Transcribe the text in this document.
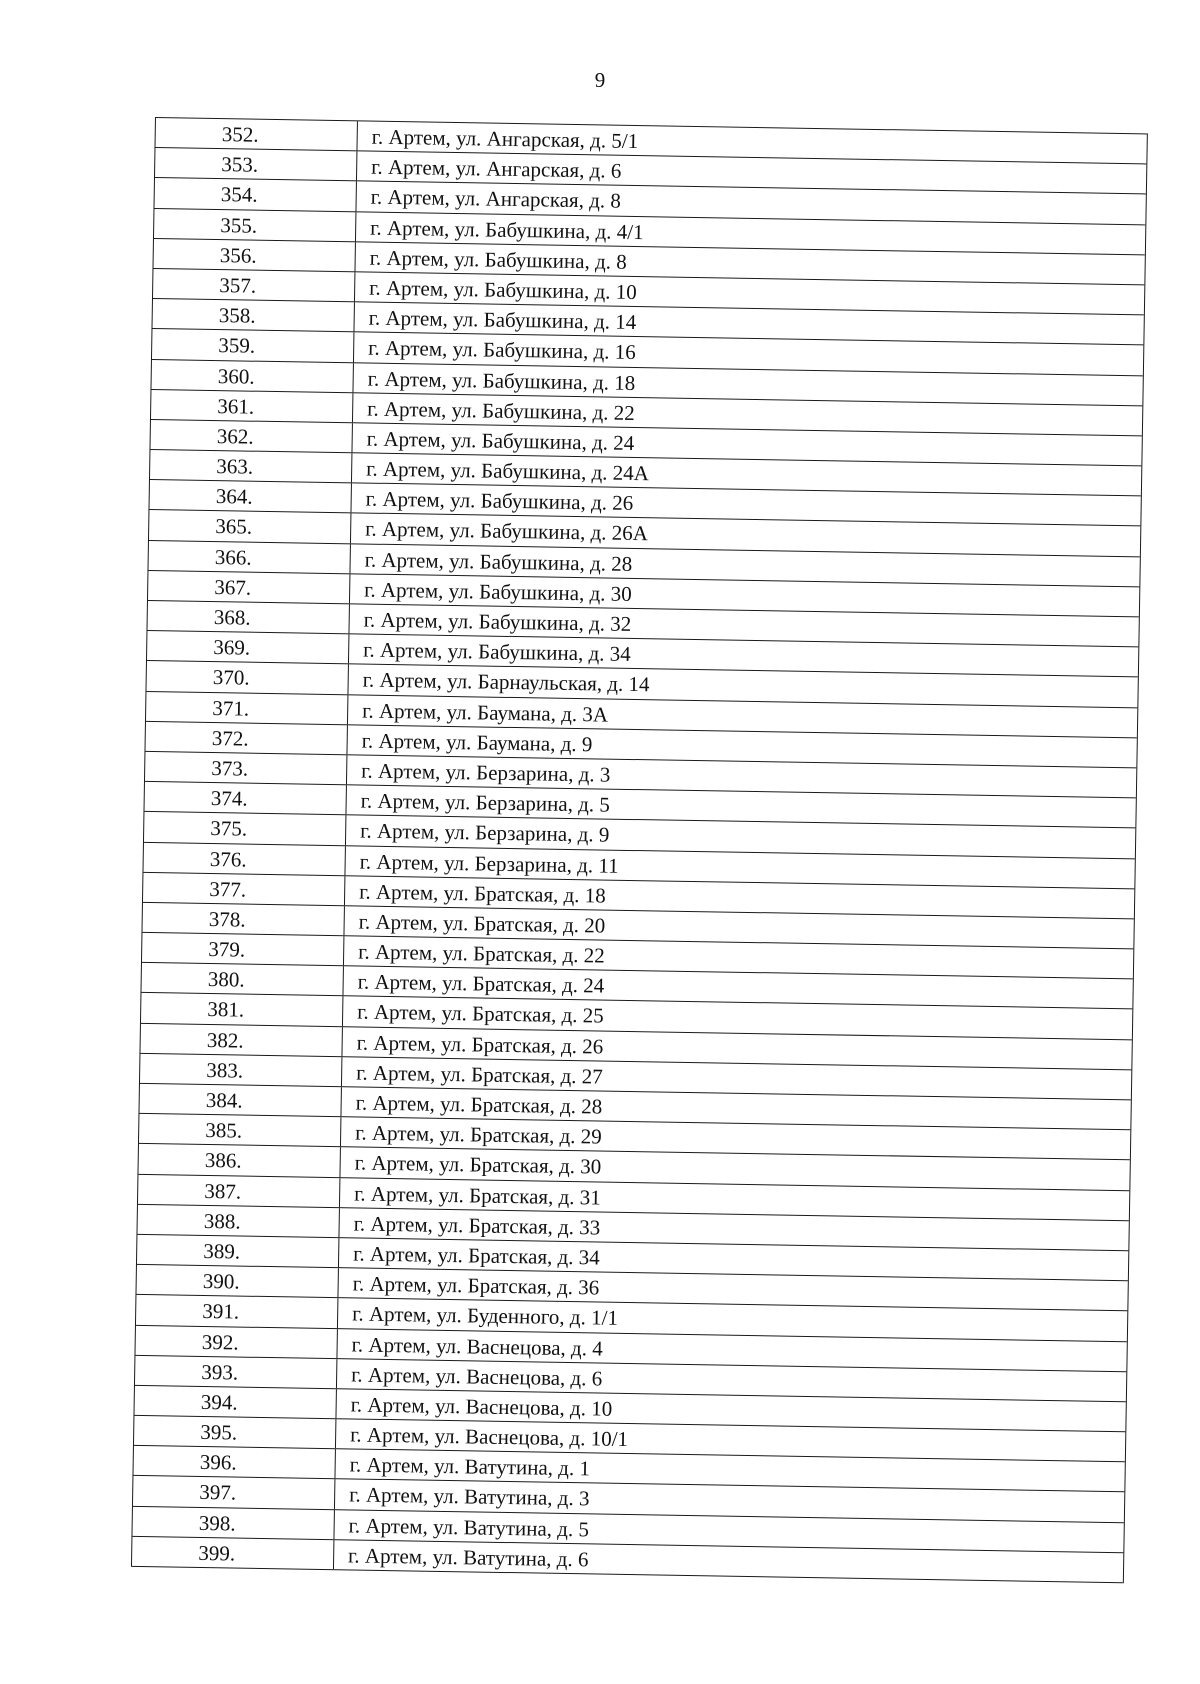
9
352.	г. Артем, ул. Ангарская, д. 5/1
353.	г. Артем, ул. Ангарская, д. 6
354.	г. Артем, ул. Ангарская, д. 8
355.	г. Артем, ул. Бабушкина, д. 4/1
356.	г. Артем, ул. Бабушкина, д. 8
357.	г. Артем, ул. Бабушкина, д. 10
358.	г. Артем, ул. Бабушкина, д. 14
359.	г. Артем, ул. Бабушкина, д. 16
360.	г. Артем, ул. Бабушкина, д. 18
361.	г. Артем, ул. Бабушкина, д. 22
362.	г. Артем, ул. Бабушкина, д. 24
363.	г. Артем, ул. Бабушкина, д. 24А
364.	г. Артем, ул. Бабушкина, д. 26
365.	г. Артем, ул. Бабушкина, д. 26А
366.	г. Артем, ул. Бабушкина, д. 28
367.	г. Артем, ул. Бабушкина, д. 30
368.	г. Артем, ул. Бабушкина, д. 32
369.	г. Артем, ул. Бабушкина, д. 34
370.	г. Артем, ул. Барнаульская, д. 14
371.	г. Артем, ул. Баумана, д. 3А
372.	г. Артем, ул. Баумана, д. 9
373.	г. Артем, ул. Берзарина, д. 3
374.	г. Артем, ул. Берзарина, д. 5
375.	г. Артем, ул. Берзарина, д. 9
376.	г. Артем, ул. Берзарина, д. 11
377.	г. Артем, ул. Братская, д. 18
378.	г. Артем, ул. Братская, д. 20
379.	г. Артем, ул. Братская, д. 22
380.	г. Артем, ул. Братская, д. 24
381.	г. Артем, ул. Братская, д. 25
382.	г. Артем, ул. Братская, д. 26
383.	г. Артем, ул. Братская, д. 27
384.	г. Артем, ул. Братская, д. 28
385.	г. Артем, ул. Братская, д. 29
386.	г. Артем, ул. Братская, д. 30
387.	г. Артем, ул. Братская, д. 31
388.	г. Артем, ул. Братская, д. 33
389.	г. Артем, ул. Братская, д. 34
390.	г. Артем, ул. Братская, д. 36
391.	г. Артем, ул. Буденного, д. 1/1
392.	г. Артем, ул. Васнецова, д. 4
393.	г. Артем, ул. Васнецова, д. 6
394.	г. Артем, ул. Васнецова, д. 10
395.	г. Артем, ул. Васнецова, д. 10/1
396.	г. Артем, ул. Ватутина, д. 1
397.	г. Артем, ул. Ватутина, д. 3
398.	г. Артем, ул. Ватутина, д. 5
399.	г. Артем, ул. Ватутина, д. 6
